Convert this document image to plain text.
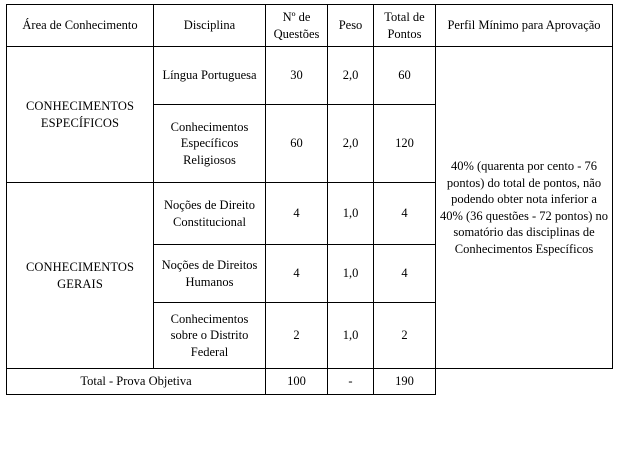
Área de Conhecimento	Disciplina	Nº de Questões	Peso	Total de Pontos	Perfil Mínimo para Aprovação
CONHECIMENTOS ESPECÍFICOS	Língua Portuguesa	30	2,0	60	40% (quarenta por cento - 76 pontos) do total de pontos, não podendo obter nota inferior a 40% (36 questões - 72 pontos) no somatório das disciplinas de Conhecimentos Específicos
	Conhecimentos Específicos Religiosos	60	2,0	120	
CONHECIMENTOS GERAIS	Noções de Direito Constitucional	4	1,0	4	
	Noções de Direitos Humanos	4	1,0	4	
	Conhecimentos sobre o Distrito Federal	2	1,0	2	
Total - Prova Objetiva		100	-	190	
